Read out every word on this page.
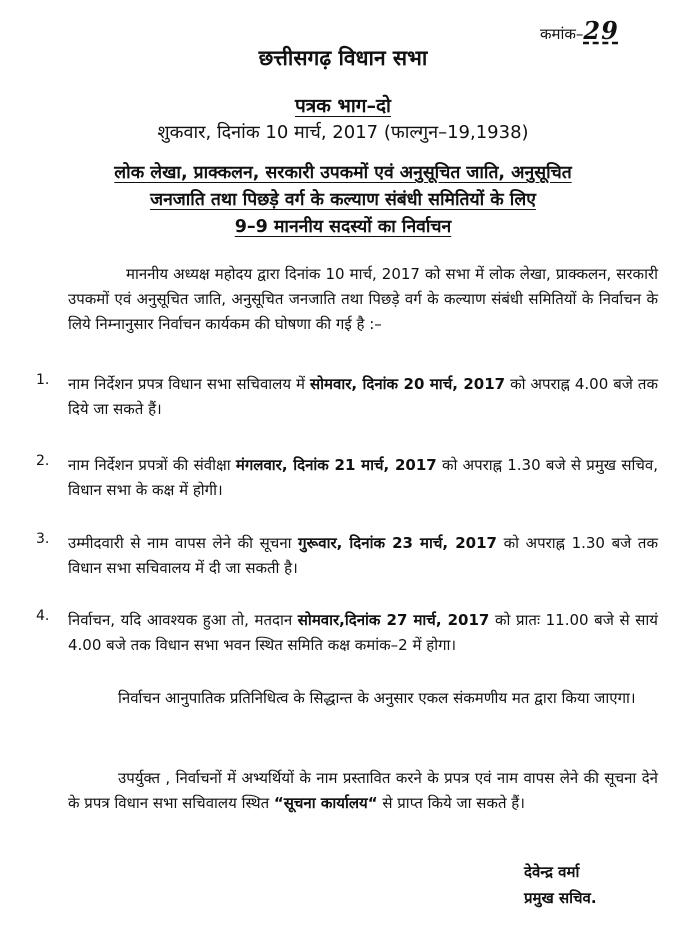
कमांक–29
छत्तीसगढ़ विधान सभा
पत्रक भाग–दो
शुकवार, दिनांक 10 मार्च, 2017 (फाल्गुन–19,1938)
लोक लेखा, प्राक्कलन, सरकारी उपकमों एवं अनुसूचित जाति, अनुसूचित
जनजाति तथा पिछड़े वर्ग के कल्याण संबंधी समितियों के लिए
9–9 माननीय सदस्यों का निर्वाचन
माननीय अध्यक्ष महोदय द्वारा दिनांक 10 मार्च, 2017 को सभा में लोक लेखा, प्राक्कलन, सरकारी उपकमों एवं अनुसूचित जाति, अनुसूचित जनजाति तथा पिछड़े वर्ग के कल्याण संबंधी समितियों के निर्वाचन के लिये निम्नानुसार निर्वाचन कार्यकम की घोषणा की गई है :–
1. नाम निर्देशन प्रपत्र विधान सभा सचिवालय में सोमवार, दिनांक 20 मार्च, 2017 को अपराह्न 4.00 बजे तक दिये जा सकते हैं।
2. नाम निर्देशन प्रपत्रों की संवीक्षा मंगलवार, दिनांक 21 मार्च, 2017 को अपराह्न 1.30 बजे से प्रमुख सचिव, विधान सभा के कक्ष में होगी।
3. उम्मीदवारी से नाम वापस लेने की सूचना गुरूवार, दिनांक 23 मार्च, 2017 को अपराह्न 1.30 बजे तक विधान सभा सचिवालय में दी जा सकती है।
4. निर्वाचन, यदि आवश्यक हुआ तो, मतदान सोमवार,दिनांक 27 मार्च, 2017 को प्रातः 11.00 बजे से सायं 4.00 बजे तक विधान सभा भवन स्थित समिति कक्ष कमांक–2 में होगा।
निर्वाचन आनुपातिक प्रतिनिधित्व के सिद्धान्त के अनुसार एकल संकमणीय मत द्वारा किया जाएगा।
उपर्युक्त , निर्वाचनों में अभ्यर्थियों के नाम प्रस्तावित करने के प्रपत्र एवं नाम वापस लेने की सूचना देने के प्रपत्र विधान सभा सचिवालय स्थित “सूचना कार्यालय“ से प्राप्त किये जा सकते हैं।
देवेन्द्र वर्मा
प्रमुख सचिव.
